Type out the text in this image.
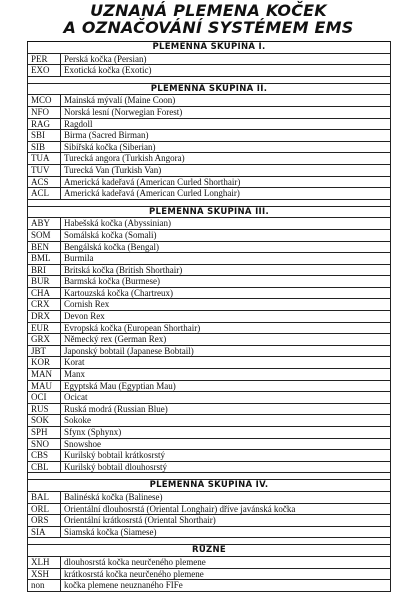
UZNANÁ PLEMENA KOČEK
A OZNAČOVÁNÍ SYSTÉMEM EMS
PLEMENNÁ SKUPINA I.	
PER	Perská kočka (Persian)
EXO	Exotická kočka (Exotic)

PLEMENNÁ SKUPINA II.	
MCO	Mainská mývalí (Maine Coon)
NFO	Norská lesní (Norwegian Forest)
RAG	Ragdoll
SBI	Birma (Sacred Birman)
SIB	Sibiřská kočka (Siberian)
TUA	Turecká angora (Turkish Angora)
TUV	Turecká Van (Turkish Van)
ACS	Americká kadeřavá (American Curled Shorthair)
ACL	Americká kadeřavá (American Curled Longhair)

PLEMENNÁ SKUPINA III.	
ABY	Habešská kočka (Abyssinian)
SOM	Somálská kočka (Somali)
BEN	Bengálská kočka (Bengal)
BML	Burmila
BRI	Britská kočka (British Shorthair)
BUR	Barmská kočka (Burmese)
CHA	Kartouzská kočka (Chartreux)
CRX	Cornish Rex
DRX	Devon Rex
EUR	Evropská kočka (European Shorthair)
GRX	Německý rex (German Rex)
JBT	Japonský bobtail (Japanese Bobtail)
KOR	Korat
MAN	Manx
MAU	Egyptská Mau (Egyptian Mau)
OCI	Ocicat
RUS	Ruská modrá (Russian Blue)
SOK	Sokoke
SPH	Sfynx (Sphynx)
SNO	Snowshoe
CBS	Kurilský bobtail krátkosrstý
CBL	Kurilský bobtail dlouhosrstý

PLEMENNÁ SKUPINA IV.	
BAL	Balinéská kočka (Balinese)
ORL	Orientální dlouhosrstá (Oriental Longhair) dříve javánská kočka
ORS	Orientální krátkosrstá (Oriental Shorthair)
SIA	Siamská kočka (Siamese)

RŮZNÉ	
XLH	dlouhosrstá kočka neurčeného plemene
XSH	krátkosrstá kočka neurčeného plemene
non	kočka plemene neuznaného FIFe
